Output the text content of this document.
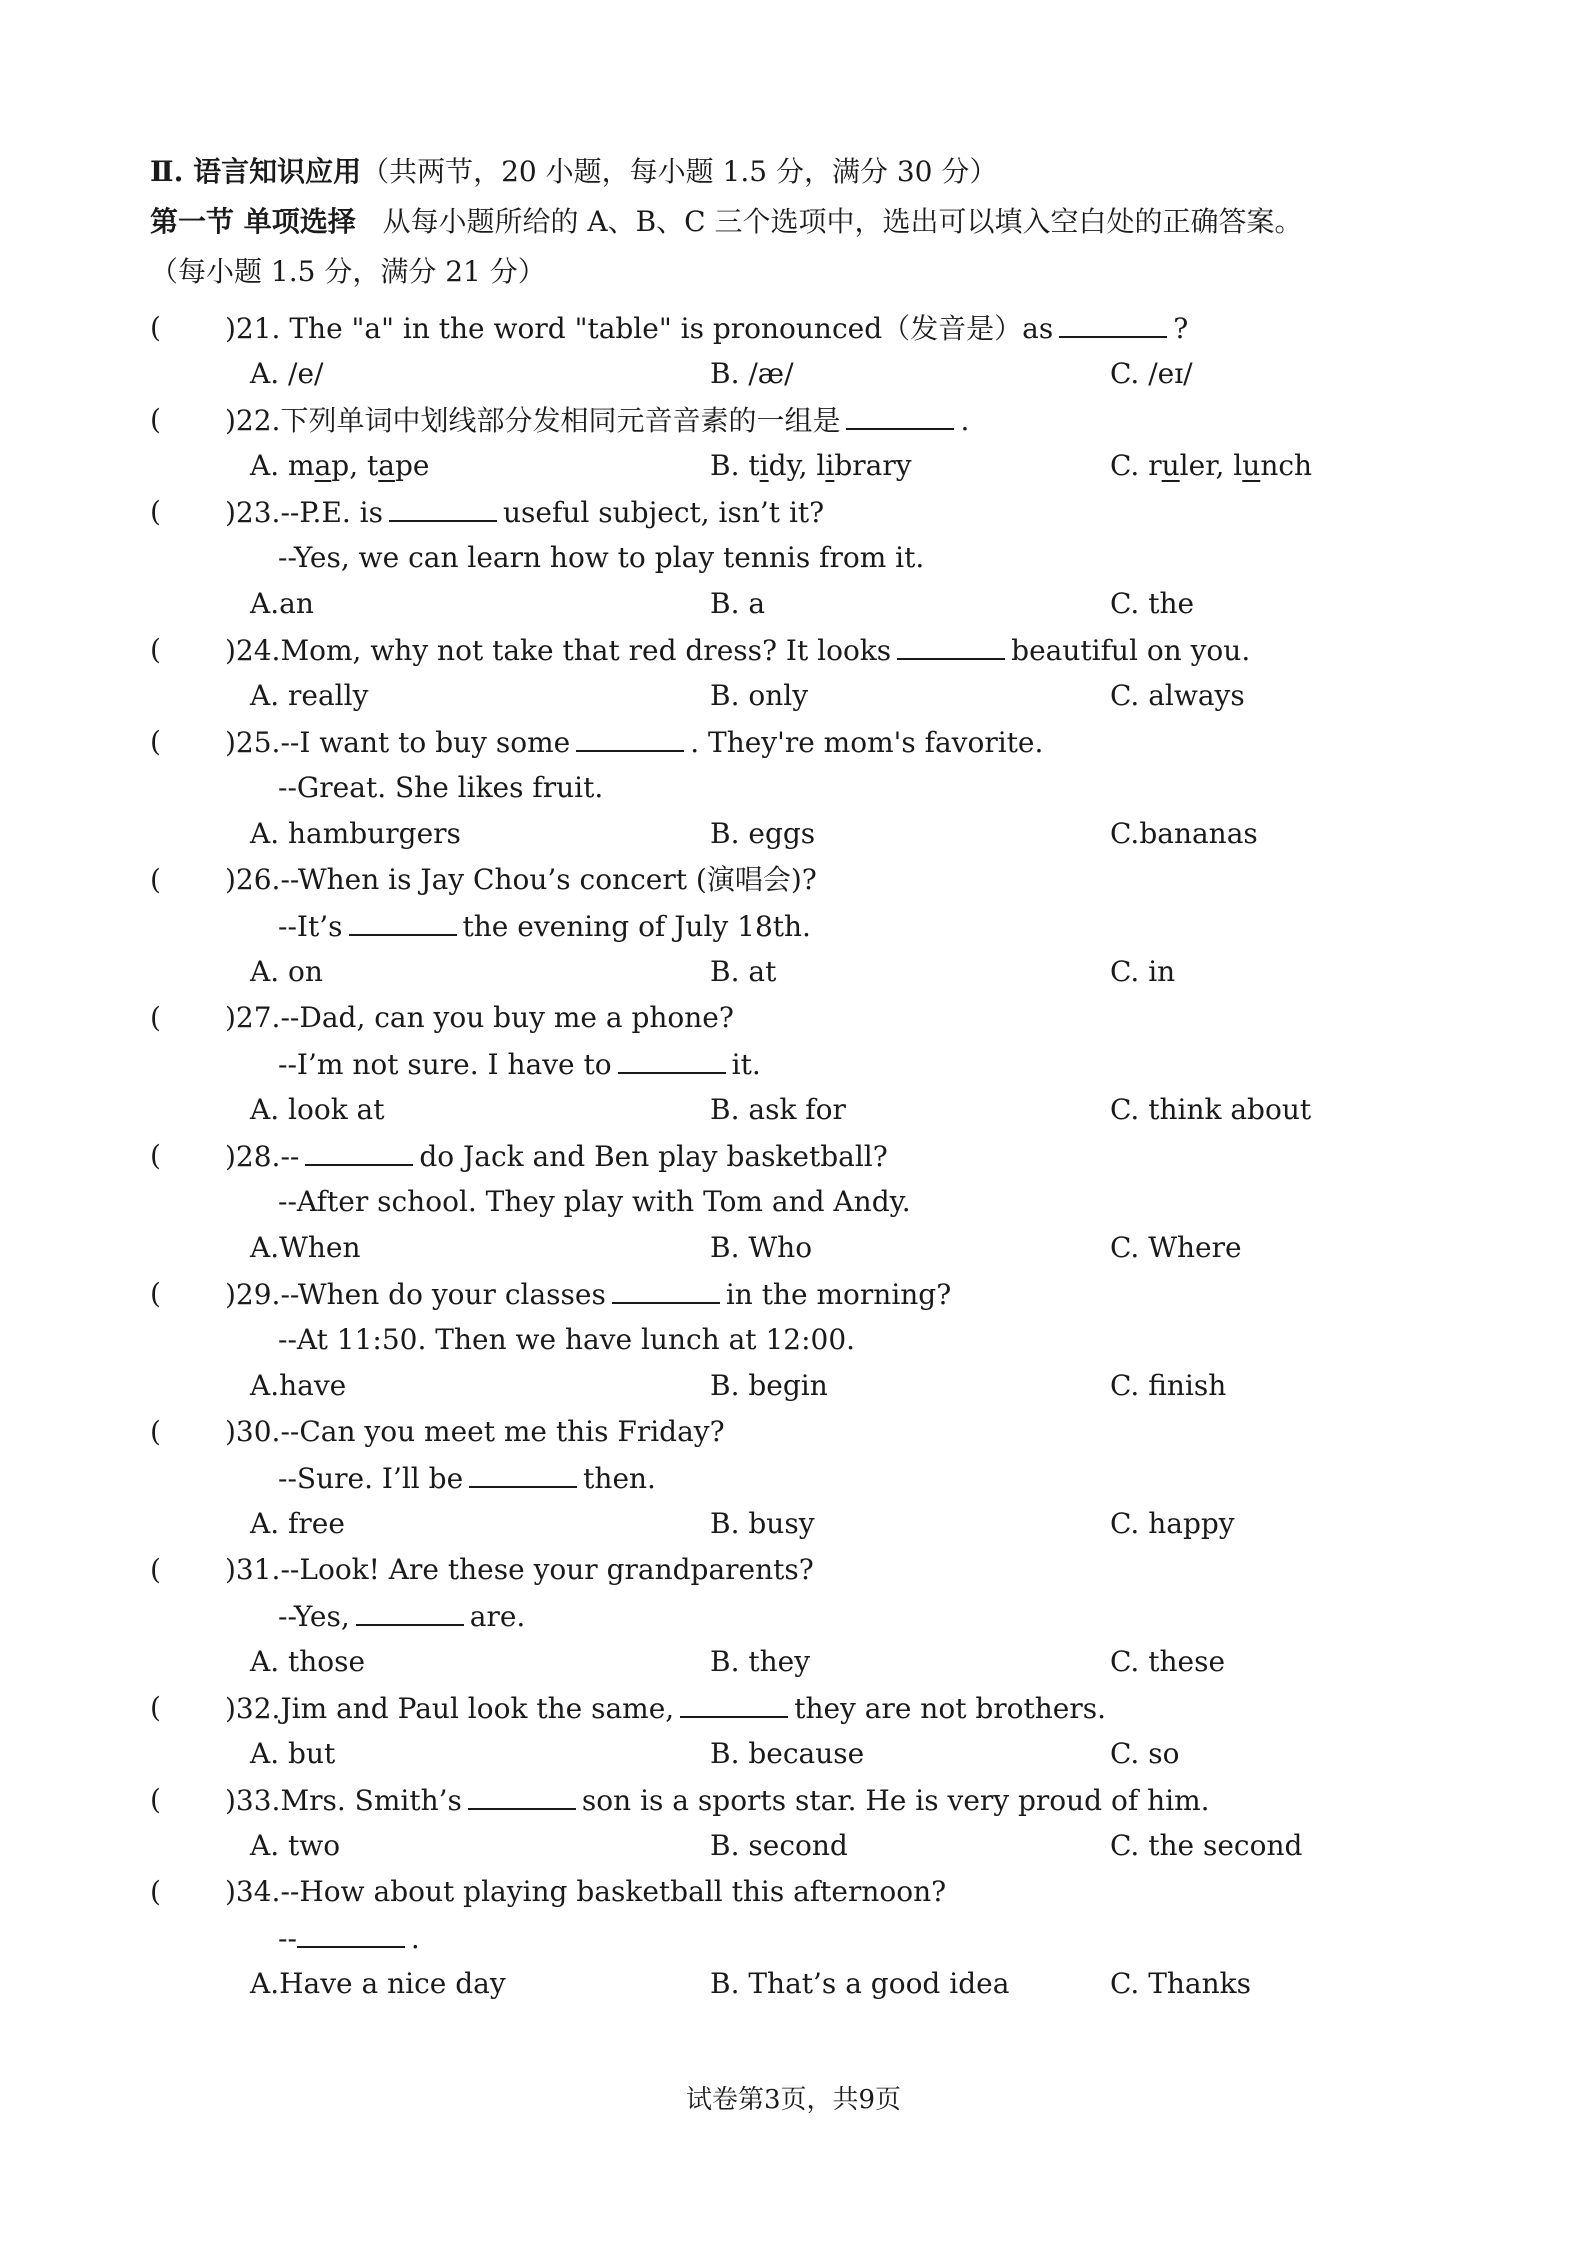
Ⅱ. 语言知识应用（共两节，20 小题，每小题 1.5 分，满分 30 分）
第一节 单项选择 从每小题所给的 A、B、C 三个选项中，选出可以填入空白处的正确答案。
（每小题 1.5 分，满分 21 分）
( )21. The "a" in the word "table" is pronounced（发音是）as	?
A. /e/	B. /æ/	C. /eɪ/
( )22.下列单词中划线部分发相同元音音素的一组是	.
A. map, tape	B. tidy, library	C. ruler, lunch
( )23.--P.E. is	useful subject, isn’t it?
--Yes, we can learn how to play tennis from it.
A.an	B. a	C. the
( )24.Mom, why not take that red dress? It looks	beautiful on you.
A. really	B. only	C. always
( )25.--I want to buy some	. They're mom's favorite.
--Great. She likes fruit.
A. hamburgers	B. eggs	C.bananas
( )26.--When is Jay Chou’s concert (演唱会)?
--It’s	the evening of July 18th.
A. on	B. at	C. in
( )27.--Dad, can you buy me a phone?
--I’m not sure. I have to	it.
A. look at	B. ask for	C. think about
( )28.--	do Jack and Ben play basketball?
--After school. They play with Tom and Andy.
A.When	B. Who	C. Where
( )29.--When do your classes	in the morning?
--At 11:50. Then we have lunch at 12:00.
A.have	B. begin	C. finish
( )30.--Can you meet me this Friday?
--Sure. I’ll be	then.
A. free	B. busy	C. happy
( )31.--Look! Are these your grandparents?
--Yes,	are.
A. those	B. they	C. these
( )32.Jim and Paul look the same,	they are not brothers.
A. but	B. because	C. so
( )33.Mrs. Smith’s	son is a sports star. He is very proud of him.
A. two	B. second	C. the second
( )34.--How about playing basketball this afternoon?
--	.
A.Have a nice day	B. That’s a good idea	C. Thanks
试卷第3页，共9页
